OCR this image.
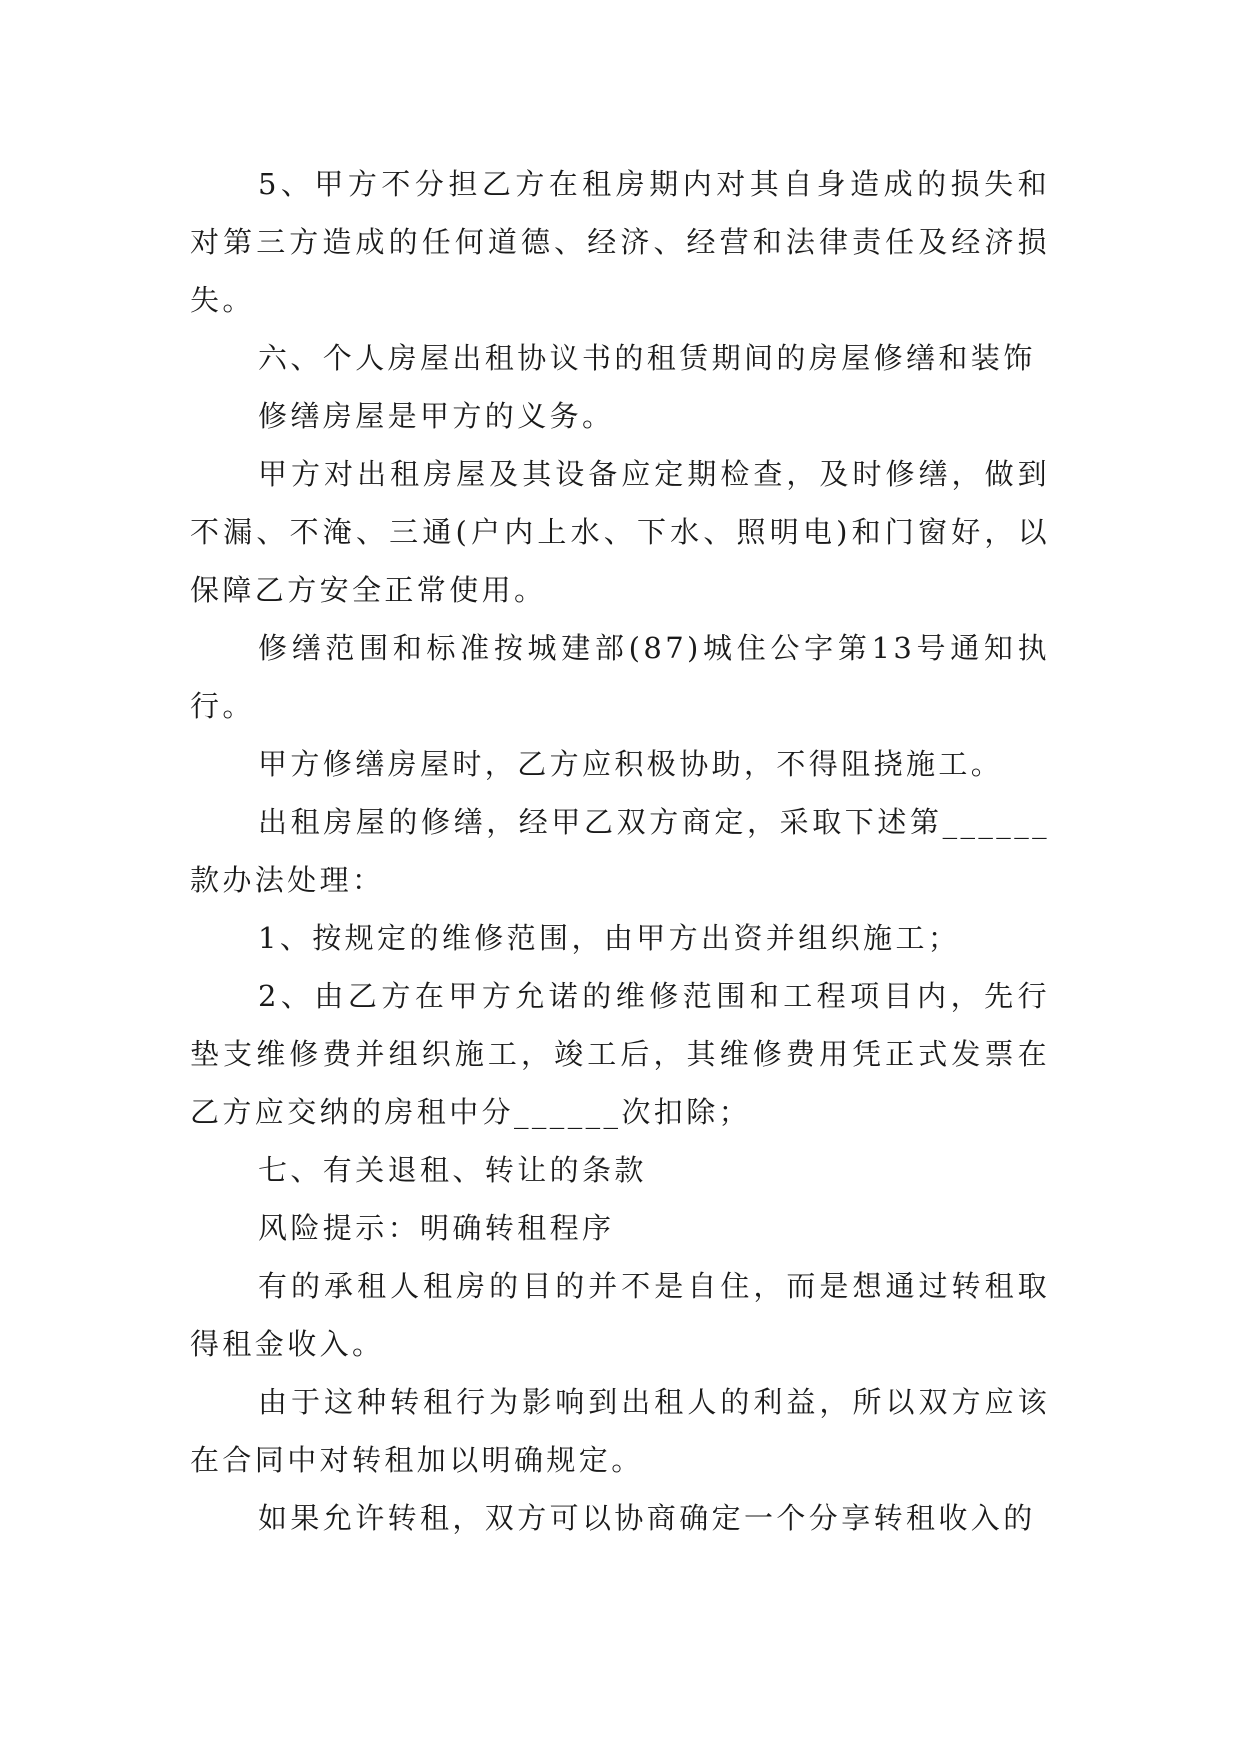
5、甲方不分担乙方在租房期内对其自身造成的损失和对第三方造成的任何道德、经济、经营和法律责任及经济损失。

六、个人房屋出租协议书的租赁期间的房屋修缮和装饰

修缮房屋是甲方的义务。

甲方对出租房屋及其设备应定期检查，及时修缮，做到不漏、不淹、三通(户内上水、下水、照明电)和门窗好，以保障乙方安全正常使用。

修缮范围和标准按城建部(87)城住公字第13号通知执行。

甲方修缮房屋时，乙方应积极协助，不得阻挠施工。

出租房屋的修缮，经甲乙双方商定，采取下述第______款办法处理：

1、按规定的维修范围，由甲方出资并组织施工；

2、由乙方在甲方允诺的维修范围和工程项目内，先行垫支维修费并组织施工，竣工后，其维修费用凭正式发票在乙方应交纳的房租中分______次扣除；

七、有关退租、转让的条款

风险提示：明确转租程序

有的承租人租房的目的并不是自住，而是想通过转租取得租金收入。

由于这种转租行为影响到出租人的利益，所以双方应该在合同中对转租加以明确规定。

如果允许转租，双方可以协商确定一个分享转租收入的
